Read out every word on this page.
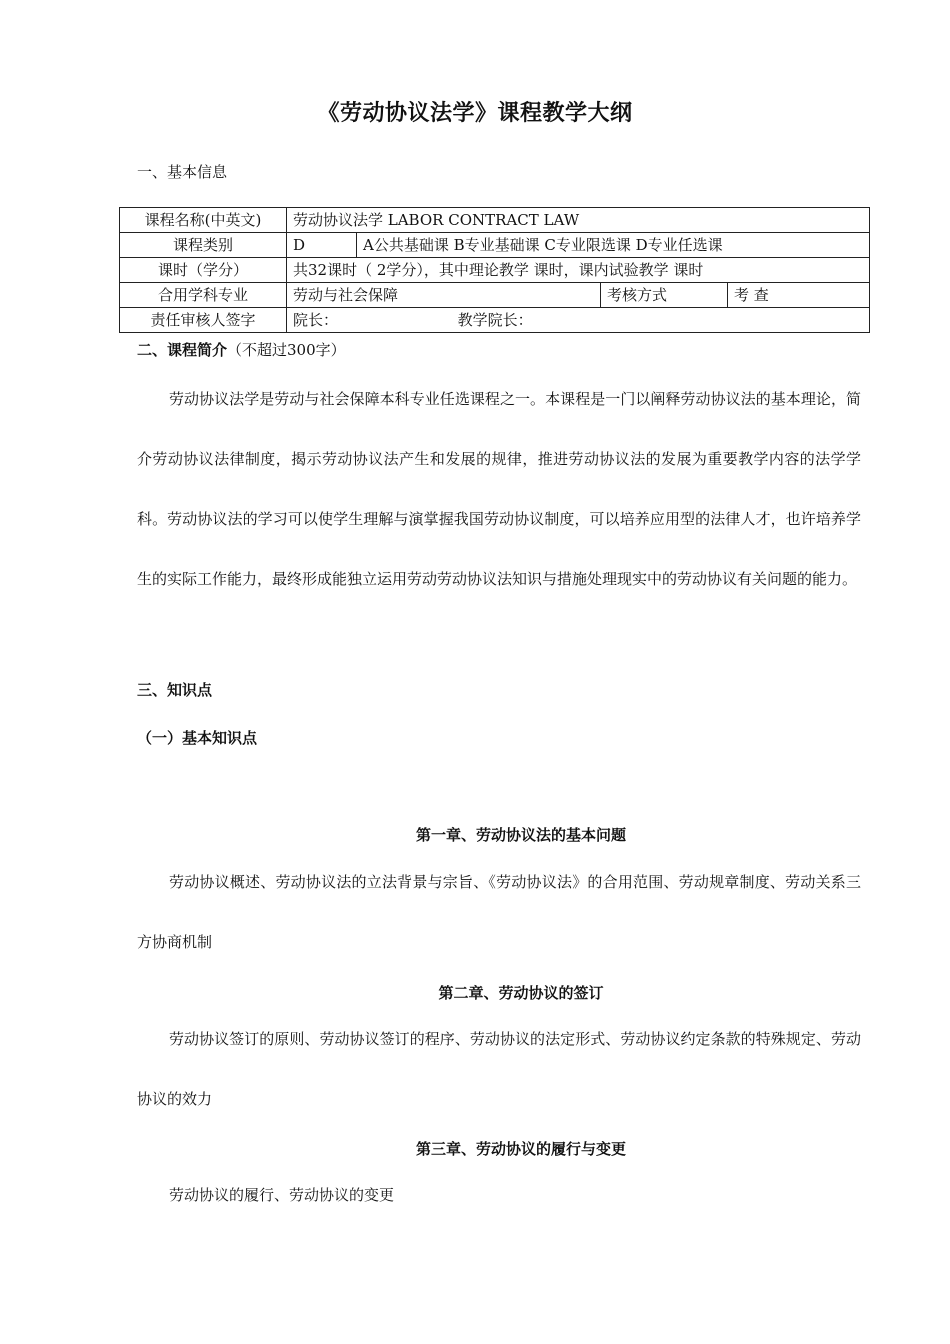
《劳动协议法学》课程教学大纲
一、基本信息
课程名称(中英文)	劳动协议法学 LABOR CONTRACT LAW			
课程类别	D	A公共基础课 B专业基础课 C专业限选课 D专业任选课		
课时（学分）	共32课时（ 2学分），其中理论教学 课时，课内试验教学 课时			
合用学科专业	劳动与社会保障		考核方式	考 查
责任审核人签字	院长： 教学院长：			
二、课程简介（不超过300字）
劳动协议法学是劳动与社会保障本科专业任选课程之一。本课程是一门以阐释劳动协议法的基本理论，简介劳动协议法律制度，揭示劳动协议法产生和发展的规律，推进劳动协议法的发展为重要教学内容的法学学科。劳动协议法的学习可以使学生理解与演掌握我国劳动协议制度，可以培养应用型的法律人才，也许培养学生的实际工作能力，最终形成能独立运用劳动劳动协议法知识与措施处理现实中的劳动协议有关问题的能力。
三、知识点
（一）基本知识点
第一章、劳动协议法的基本问题
劳动协议概述、劳动协议法的立法背景与宗旨、《劳动协议法》的合用范围、劳动规章制度、劳动关系三方协商机制
第二章、劳动协议的签订
劳动协议签订的原则、劳动协议签订的程序、劳动协议的法定形式、劳动协议约定条款的特殊规定、劳动协议的效力
第三章、劳动协议的履行与变更
劳动协议的履行、劳动协议的变更
